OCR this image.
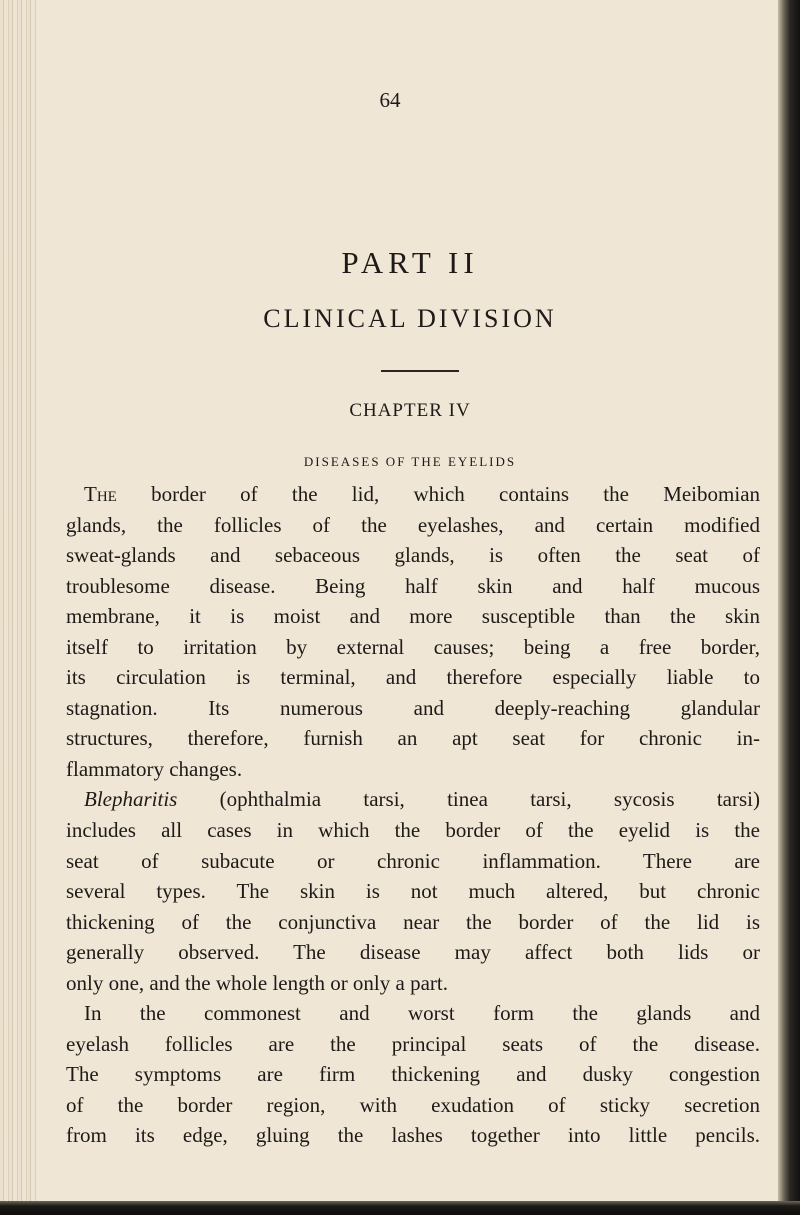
64
PART II
CLINICAL DIVISION
CHAPTER IV
DISEASES OF THE EYELIDS
The border of the lid, which contains the Meibomian
glands, the follicles of the eyelashes, and certain modified
sweat-glands and sebaceous glands, is often the seat of
troublesome disease. Being half skin and half mucous
membrane, it is moist and more susceptible than the skin
itself to irritation by external causes; being a free border,
its circulation is terminal, and therefore especially liable to
stagnation. Its numerous and deeply-reaching glandular
structures, therefore, furnish an apt seat for chronic in-
flammatory changes.
Blepharitis (ophthalmia tarsi, tinea tarsi, sycosis tarsi)
includes all cases in which the border of the eyelid is the
seat of subacute or chronic inflammation. There are
several types. The skin is not much altered, but chronic
thickening of the conjunctiva near the border of the lid is
generally observed. The disease may affect both lids or
only one, and the whole length or only a part.
In the commonest and worst form the glands and
eyelash follicles are the principal seats of the disease.
The symptoms are firm thickening and dusky congestion
of the border region, with exudation of sticky secretion
from its edge, gluing the lashes together into little pencils.
